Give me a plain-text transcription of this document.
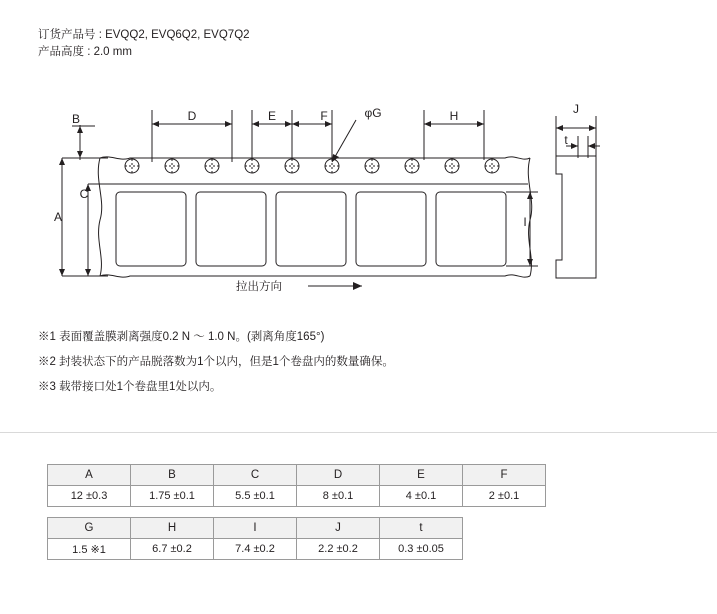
订货产品号 : EVQQ2, EVQ6Q2, EVQ7Q2
产品高度 : 2.0 mm
A
B
C
D	E	F	φG	H
I
J
t
拉出方向
※1 表面覆盖膜剥离强度0.2 N ～ 1.0 N。(剥离角度165°)
※2 封装状态下的产品脱落数为1个以内，但是1个卷盘内的数量确保。
※3 载带接口处1个卷盘里1处以内。
A	B	C	D	E	F
12 ±0.3	1.75 ±0.1	5.5 ±0.1	8 ±0.1	4 ±0.1	2 ±0.1
G	H	I	J	t
1.5 ※1	6.7 ±0.2	7.4 ±0.2	2.2 ±0.2	0.3 ±0.05
